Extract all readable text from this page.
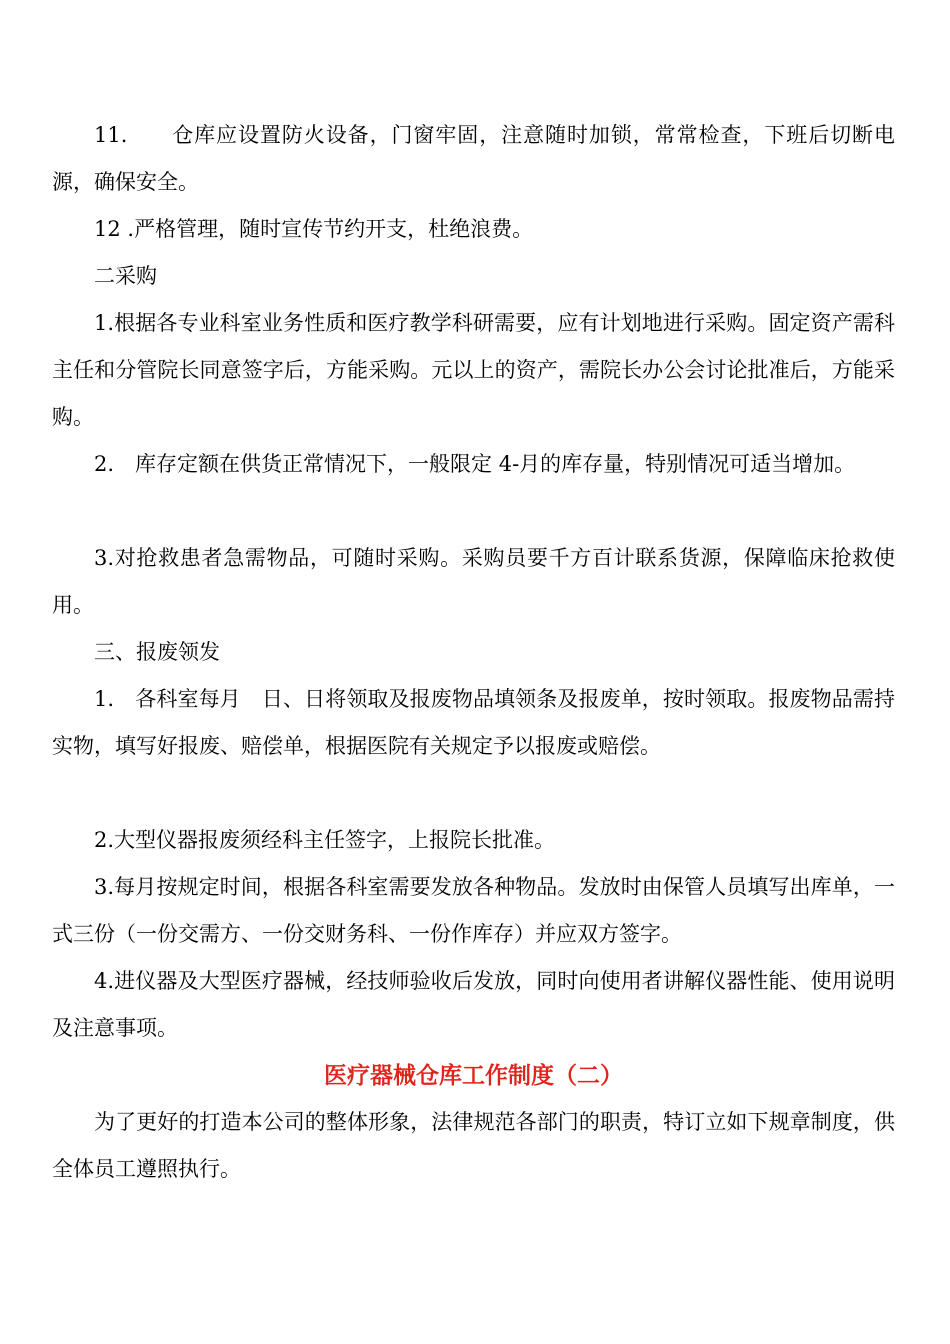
11.　　仓库应设置防火设备，门窗牢固，注意随时加锁，常常检查，下班后切断电源，确保安全。

12 .严格管理，随时宣传节约开支，杜绝浪费。

二采购

1.根据各专业科室业务性质和医疗教学科研需要，应有计划地进行采购。固定资产需科主任和分管院长同意签字后，方能采购。元以上的资产，需院长办公会讨论批准后，方能采购。

2.　库存定额在供货正常情况下，一般限定 4-月的库存量，特别情况可适当增加。

3.对抢救患者急需物品，可随时采购。采购员要千方百计联系货源，保障临床抢救使用。

三、报废领发

1.　各科室每月　日、日将领取及报废物品填领条及报废单，按时领取。报废物品需持实物，填写好报废、赔偿单，根据医院有关规定予以报废或赔偿。

2.大型仪器报废须经科主任签字，上报院长批准。

3.每月按规定时间，根据各科室需要发放各种物品。发放时由保管人员填写出库单，一式三份（一份交需方、一份交财务科、一份作库存）并应双方签字。

4.进仪器及大型医疗器械，经技师验收后发放，同时向使用者讲解仪器性能、使用说明及注意事项。

医疗器械仓库工作制度（二）

为了更好的打造本公司的整体形象，法律规范各部门的职责，特订立如下规章制度，供全体员工遵照执行。
